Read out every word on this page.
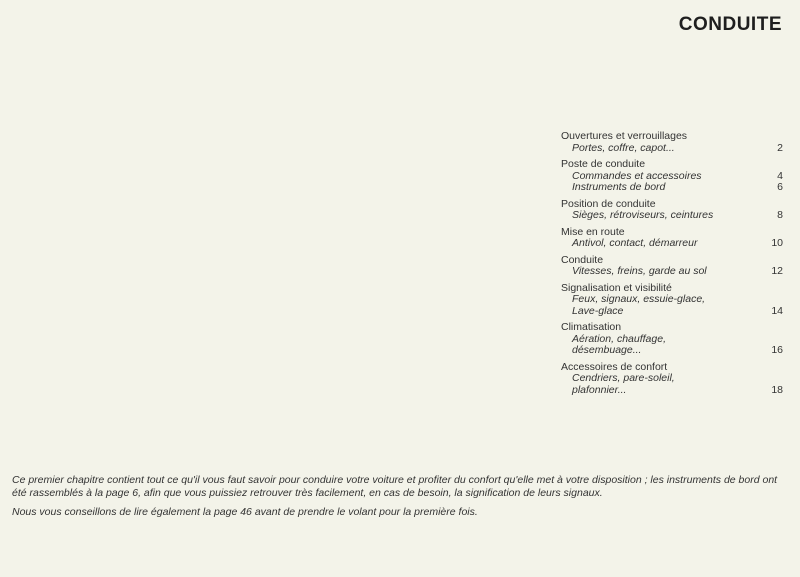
CONDUITE
Ouvertures et verrouillages
Portes, coffre, capot...	2
Poste de conduite
Commandes et accessoires	4
Instruments de bord	6
Position de conduite
Sièges, rétroviseurs, ceintures	8
Mise en route
Antivol, contact, démarreur	10
Conduite
Vitesses, freins, garde au sol	12
Signalisation et visibilité
Feux, signaux, essuie-glace,
Lave-glace	14
Climatisation
Aération, chauffage,
désembuage...	16
Accessoires de confort
Cendriers, pare-soleil,
plafonnier...	18

Ce premier chapitre contient tout ce qu'il vous faut savoir pour conduire votre voiture et profiter du confort qu'elle met à votre disposition ; les instruments de bord ont été rassemblés à la page 6, afin que vous puissiez retrouver très facilement, en cas de besoin, la signification de leurs signaux.

Nous vous conseillons de lire également la page 46 avant de prendre le volant pour la première fois.
